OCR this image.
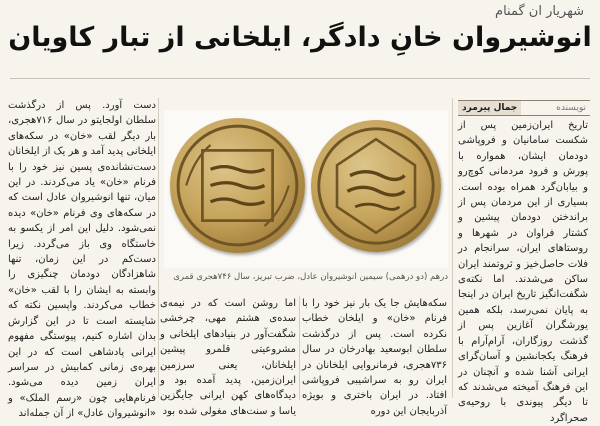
شهریار ان گمنام
انوشیروان خانِ دادگر، ایلخانی از تبار کاویان
نویسنده
جمال پیرمرد

تاریخ ایران‌زمین پس از شکست سامانیان و فروپاشی دودمان ایشان، همواره با پورش و فرود مردمانی کوچ‌رو و بیابان‌گرد همراه بوده است. بسیاری از این مردمان پس از براندختن دودمان پیشین و کشتار فراوان در شهرها و روستاهای ایران، سرانجام در فلات حاصل‌خیز و ثروتمند ایران ساکن می‌شدند. اما نکته‌ی شگفت‌انگیز تاریخ ایران در اینجا به پایان نمی‌رسد، بلکه همین یورشگران آغازین پس از گذشت روزگاران، آرام‌آرام با فرهنگ یکجانشین و آسان‌گرای ایرانی آشنا شده و آنچنان در این فرهنگ آمیخته می‌شدند که تا دیگر پیوندی با روحیه‌ی صحراگرد

درهم (دو درهمی) سیمین انوشیروان عادل، ضرب تبریز، سال ۷۴۶هجری قمری

سکه‌هایش جا یک بار نیز خود را با فرنام «خان» و ایلخان خطاب نکرده است. پس از درگذشت سلطان ابوسعید بهادرخان در سال ۷۳۶هجری، فرمانروایی ایلخانان در ایران رو به سراشیبی فروپاشی افتاد. در ایران باختری و بویژه آذربایجان این دوره

اما روشن است که در نیمه‌ی سده‌ی هشتم مهی، چرخشی شگفت‌آور در بنیادهای ایلخانی و مشروعیتی قلمرو پیشین ایلخانان، یعنی سرزمین ایران‌زمین، پدید آمده بود و دیدگاه‌های کهن ایرانی جایگزین یاسا و سنت‌های مغولی شده بود

دست آورد. پس از درگذشت سلطان اولجایتو در سال ۷۱۶هجری، بار دیگر لقب «خان» در سکه‌های ایلخانی پدید آمد و هر یک از ایلخانان دست‌نشانده‌ی پسین نیز خود را با فرنام «خان» یاد می‌کردند. در این میان، تنها انوشیروان عادل است که در سکه‌های وی فرنام «خان» دیده نمی‌شود. دلیل این امر از یکسو به خاستگاه وی باز می‌گردد. زیرا دست‌کم در این زمان، تنها شاهزادگان دودمان چنگیزی را وابسته به ایشان را با لقب «خان» خطاب می‌کردند. واپسین نکته که شایسته است تا در این گزارش بدان اشاره کنیم، پیوستگی مفهوم ایرانی پادشاهی است که در این بهره‌ی زمانی کمابیش در سراسر ایران زمین دیده می‌شود. فرنام‌هایی چون «رسم الملک» و «انوشیروان عادل» از آن جمله‌اند
